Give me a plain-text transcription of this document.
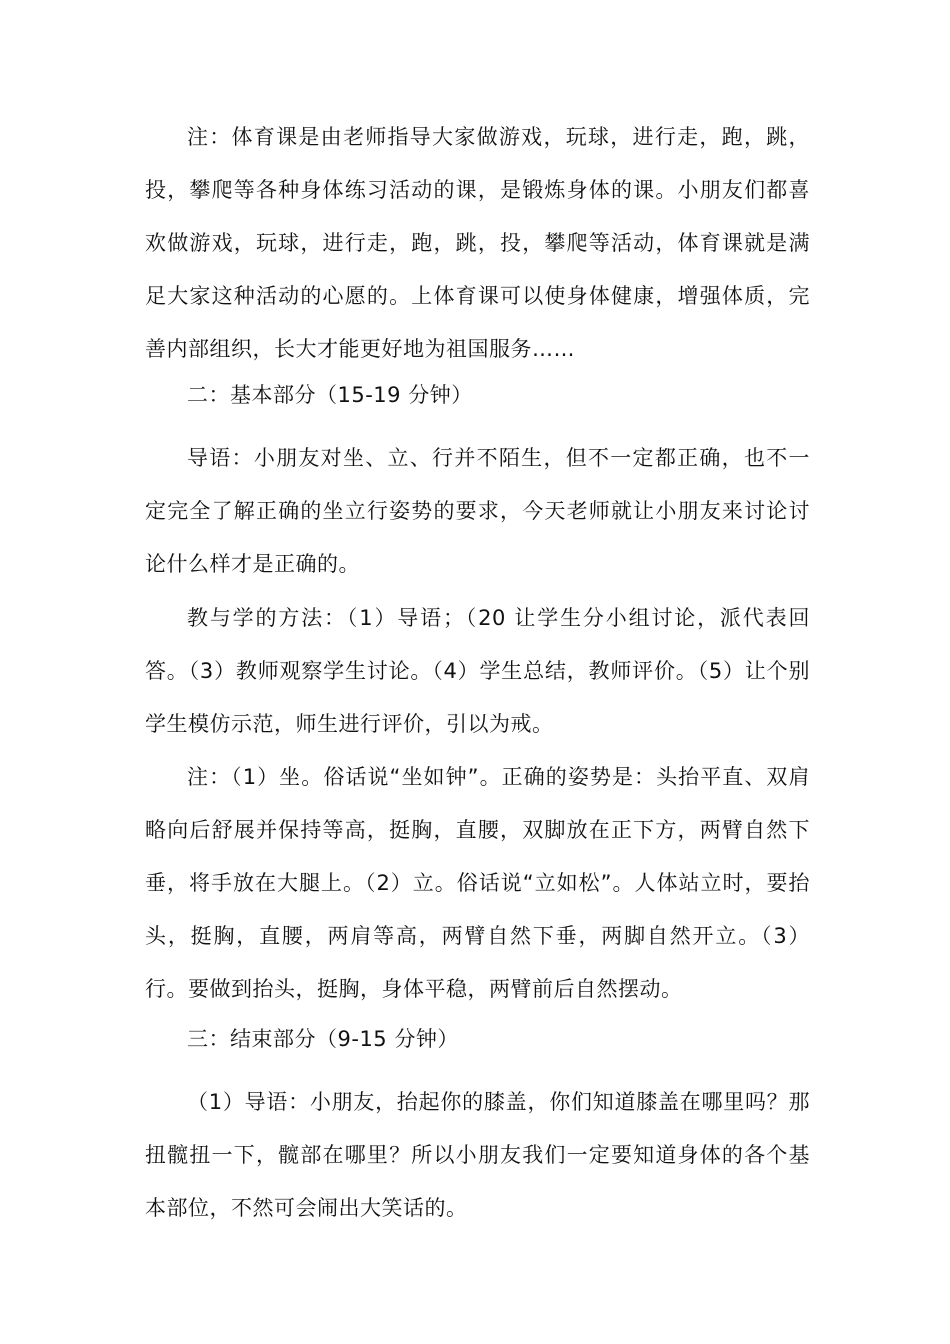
注：体育课是由老师指导大家做游戏，玩球，进行走，跑，跳，投，攀爬等各种身体练习活动的课，是锻炼身体的课。小朋友们都喜欢做游戏，玩球，进行走，跑，跳，投，攀爬等活动，体育课就是满足大家这种活动的心愿的。上体育课可以使身体健康，增强体质，完善内部组织，长大才能更好地为祖国服务……

二：基本部分（15-19 分钟）

导语：小朋友对坐、立、行并不陌生，但不一定都正确，也不一定完全了解正确的坐立行姿势的要求，今天老师就让小朋友来讨论讨论什么样才是正确的。

教与学的方法：（1）导语；（20 让学生分小组讨论，派代表回答。（3）教师观察学生讨论。（4）学生总结，教师评价。（5）让个别学生模仿示范，师生进行评价，引以为戒。

注：（1）坐。俗话说“坐如钟”。正确的姿势是：头抬平直、双肩略向后舒展并保持等高，挺胸，直腰，双脚放在正下方，两臂自然下垂，将手放在大腿上。（2）立。俗话说“立如松”。人体站立时，要抬头，挺胸，直腰，两肩等高，两臂自然下垂，两脚自然开立。（3）行。要做到抬头，挺胸，身体平稳，两臂前后自然摆动。

三：结束部分（9-15 分钟）

（1）导语：小朋友，抬起你的膝盖，你们知道膝盖在哪里吗？那扭髋扭一下，髋部在哪里？所以小朋友我们一定要知道身体的各个基本部位，不然可会闹出大笑话的。
